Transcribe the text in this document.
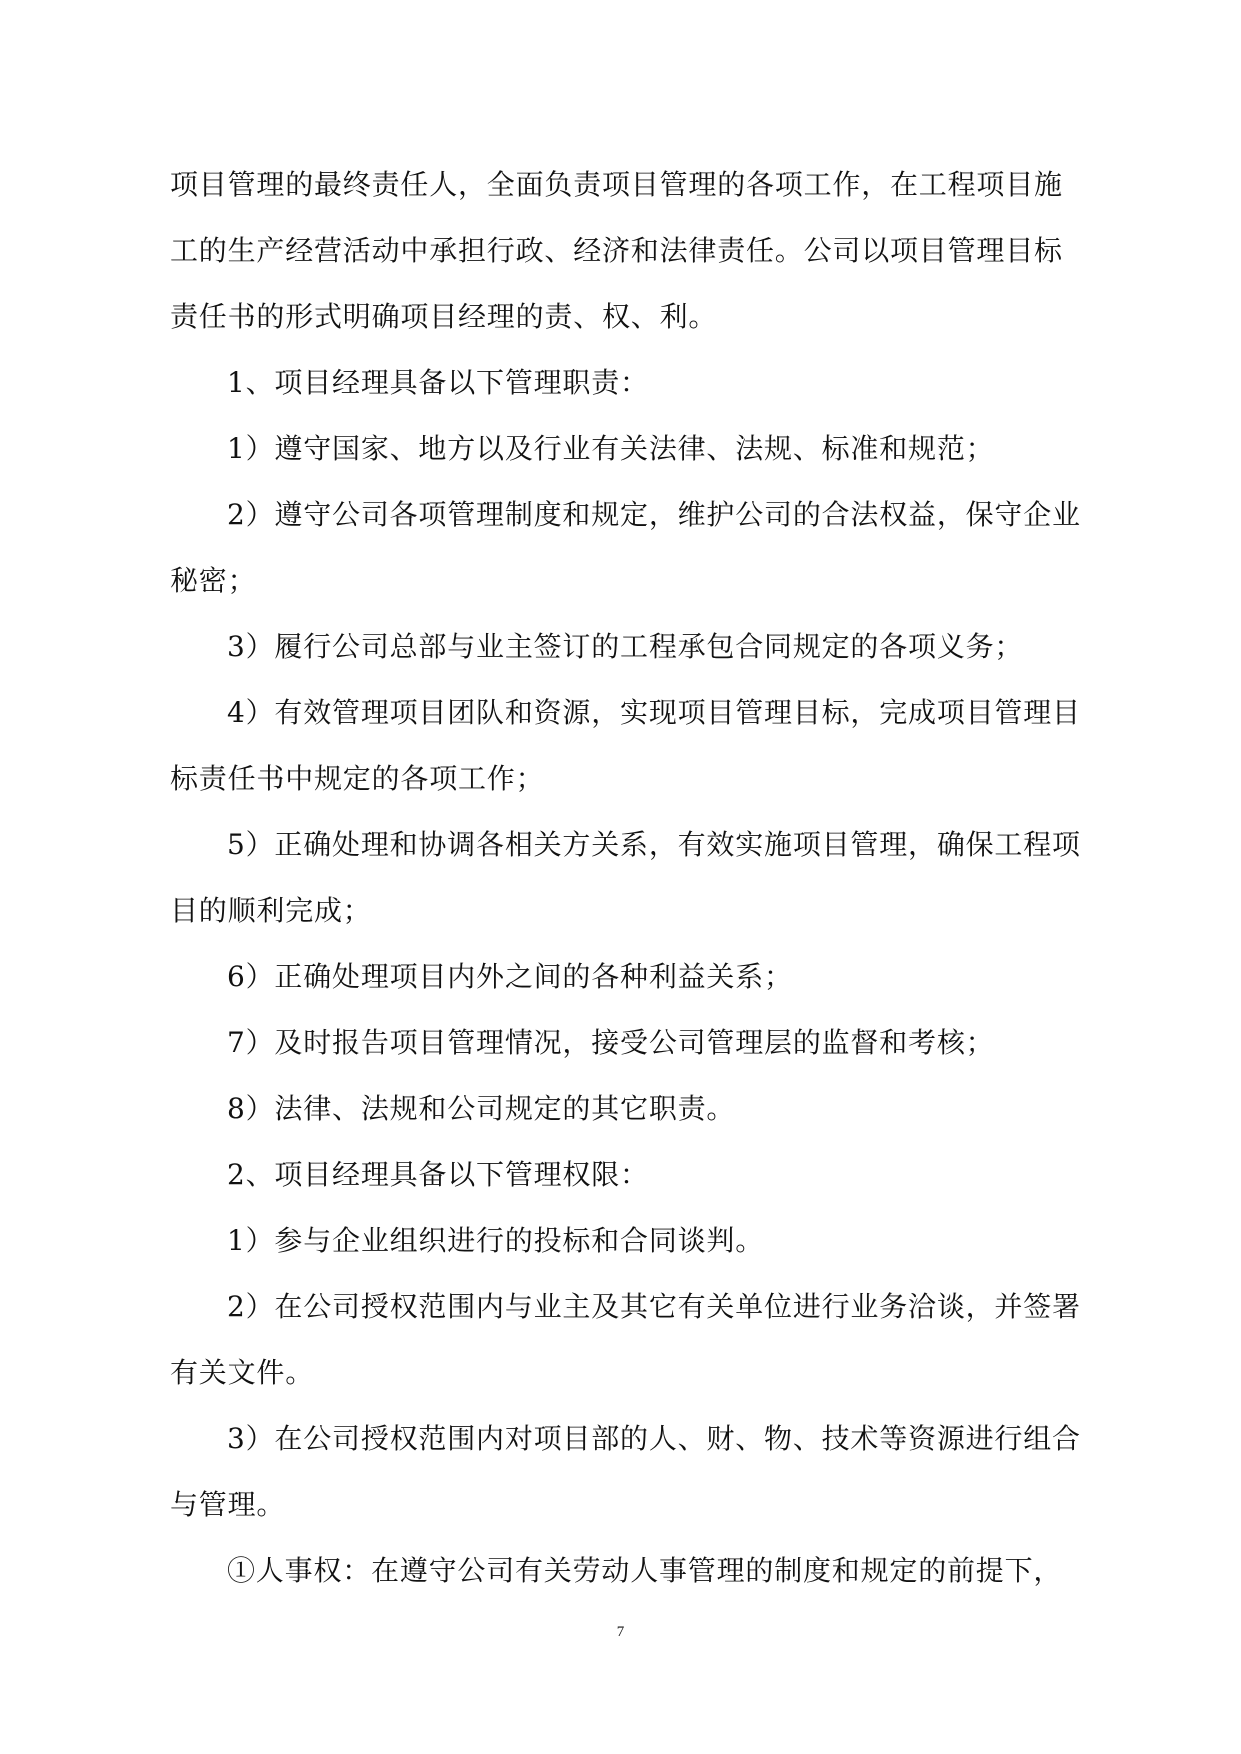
项目管理的最终责任人，全面负责项目管理的各项工作，在工程项目施
工的生产经营活动中承担行政、经济和法律责任。公司以项目管理目标
责任书的形式明确项目经理的责、权、利。
1、项目经理具备以下管理职责：
1）遵守国家、地方以及行业有关法律、法规、标准和规范；
2）遵守公司各项管理制度和规定，维护公司的合法权益，保守企业
秘密；
3）履行公司总部与业主签订的工程承包合同规定的各项义务；
4）有效管理项目团队和资源，实现项目管理目标，完成项目管理目
标责任书中规定的各项工作；
5）正确处理和协调各相关方关系，有效实施项目管理，确保工程项
目的顺利完成；
6）正确处理项目内外之间的各种利益关系；
7）及时报告项目管理情况，接受公司管理层的监督和考核；
8）法律、法规和公司规定的其它职责。
2、项目经理具备以下管理权限：
1）参与企业组织进行的投标和合同谈判。
2）在公司授权范围内与业主及其它有关单位进行业务洽谈，并签署
有关文件。
3）在公司授权范围内对项目部的人、财、物、技术等资源进行组合
与管理。
①人事权：在遵守公司有关劳动人事管理的制度和规定的前提下，
7
